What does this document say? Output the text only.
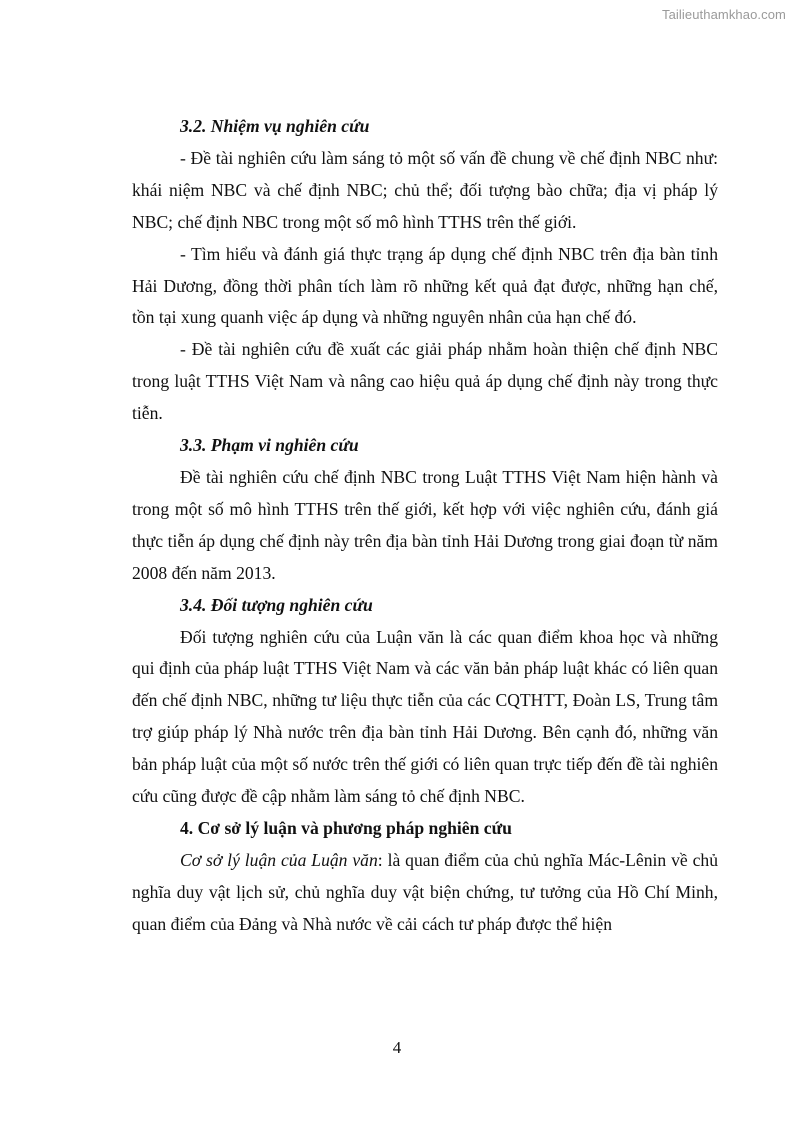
Tailieuthamkhao.com

3.2. Nhiệm vụ nghiên cứu

- Đề tài nghiên cứu làm sáng tỏ một số vấn đề chung về chế định NBC như: khái niệm NBC và chế định NBC; chủ thể; đối tượng bào chữa; địa vị pháp lý NBC; chế định NBC trong một số mô hình TTHS trên thế giới.

- Tìm hiểu và đánh giá thực trạng áp dụng chế định NBC trên địa bàn tỉnh Hải Dương, đồng thời phân tích làm rõ những kết quả đạt được, những hạn chế, tồn tại xung quanh việc áp dụng và những nguyên nhân của hạn chế đó.

- Đề tài nghiên cứu đề xuất các giải pháp nhằm hoàn thiện chế định NBC trong luật TTHS Việt Nam và nâng cao hiệu quả áp dụng chế định này trong thực tiễn.

3.3. Phạm vi nghiên cứu

Đề tài nghiên cứu chế định NBC trong Luật TTHS Việt Nam hiện hành và trong một số mô hình TTHS trên thế giới, kết hợp với việc nghiên cứu, đánh giá thực tiễn áp dụng chế định này trên địa bàn tỉnh Hải Dương trong giai đoạn từ năm 2008 đến năm 2013.

3.4. Đối tượng nghiên cứu

Đối tượng nghiên cứu của Luận văn là các quan điểm khoa học và những qui định của pháp luật TTHS Việt Nam và các văn bản pháp luật khác có liên quan đến chế định NBC, những tư liệu thực tiễn của các CQTHTT, Đoàn LS, Trung tâm trợ giúp pháp lý Nhà nước trên địa bàn tỉnh Hải Dương. Bên cạnh đó, những văn bản pháp luật của một số nước trên thế giới có liên quan trực tiếp đến đề tài nghiên cứu cũng được đề cập nhằm làm sáng tỏ chế định NBC.

4. Cơ sở lý luận và phương pháp nghiên cứu

Cơ sở lý luận của Luận văn: là quan điểm của chủ nghĩa Mác-Lênin về chủ nghĩa duy vật lịch sử, chủ nghĩa duy vật biện chứng, tư tưởng của Hồ Chí Minh, quan điểm của Đảng và Nhà nước về cải cách tư pháp được thể hiện

4
